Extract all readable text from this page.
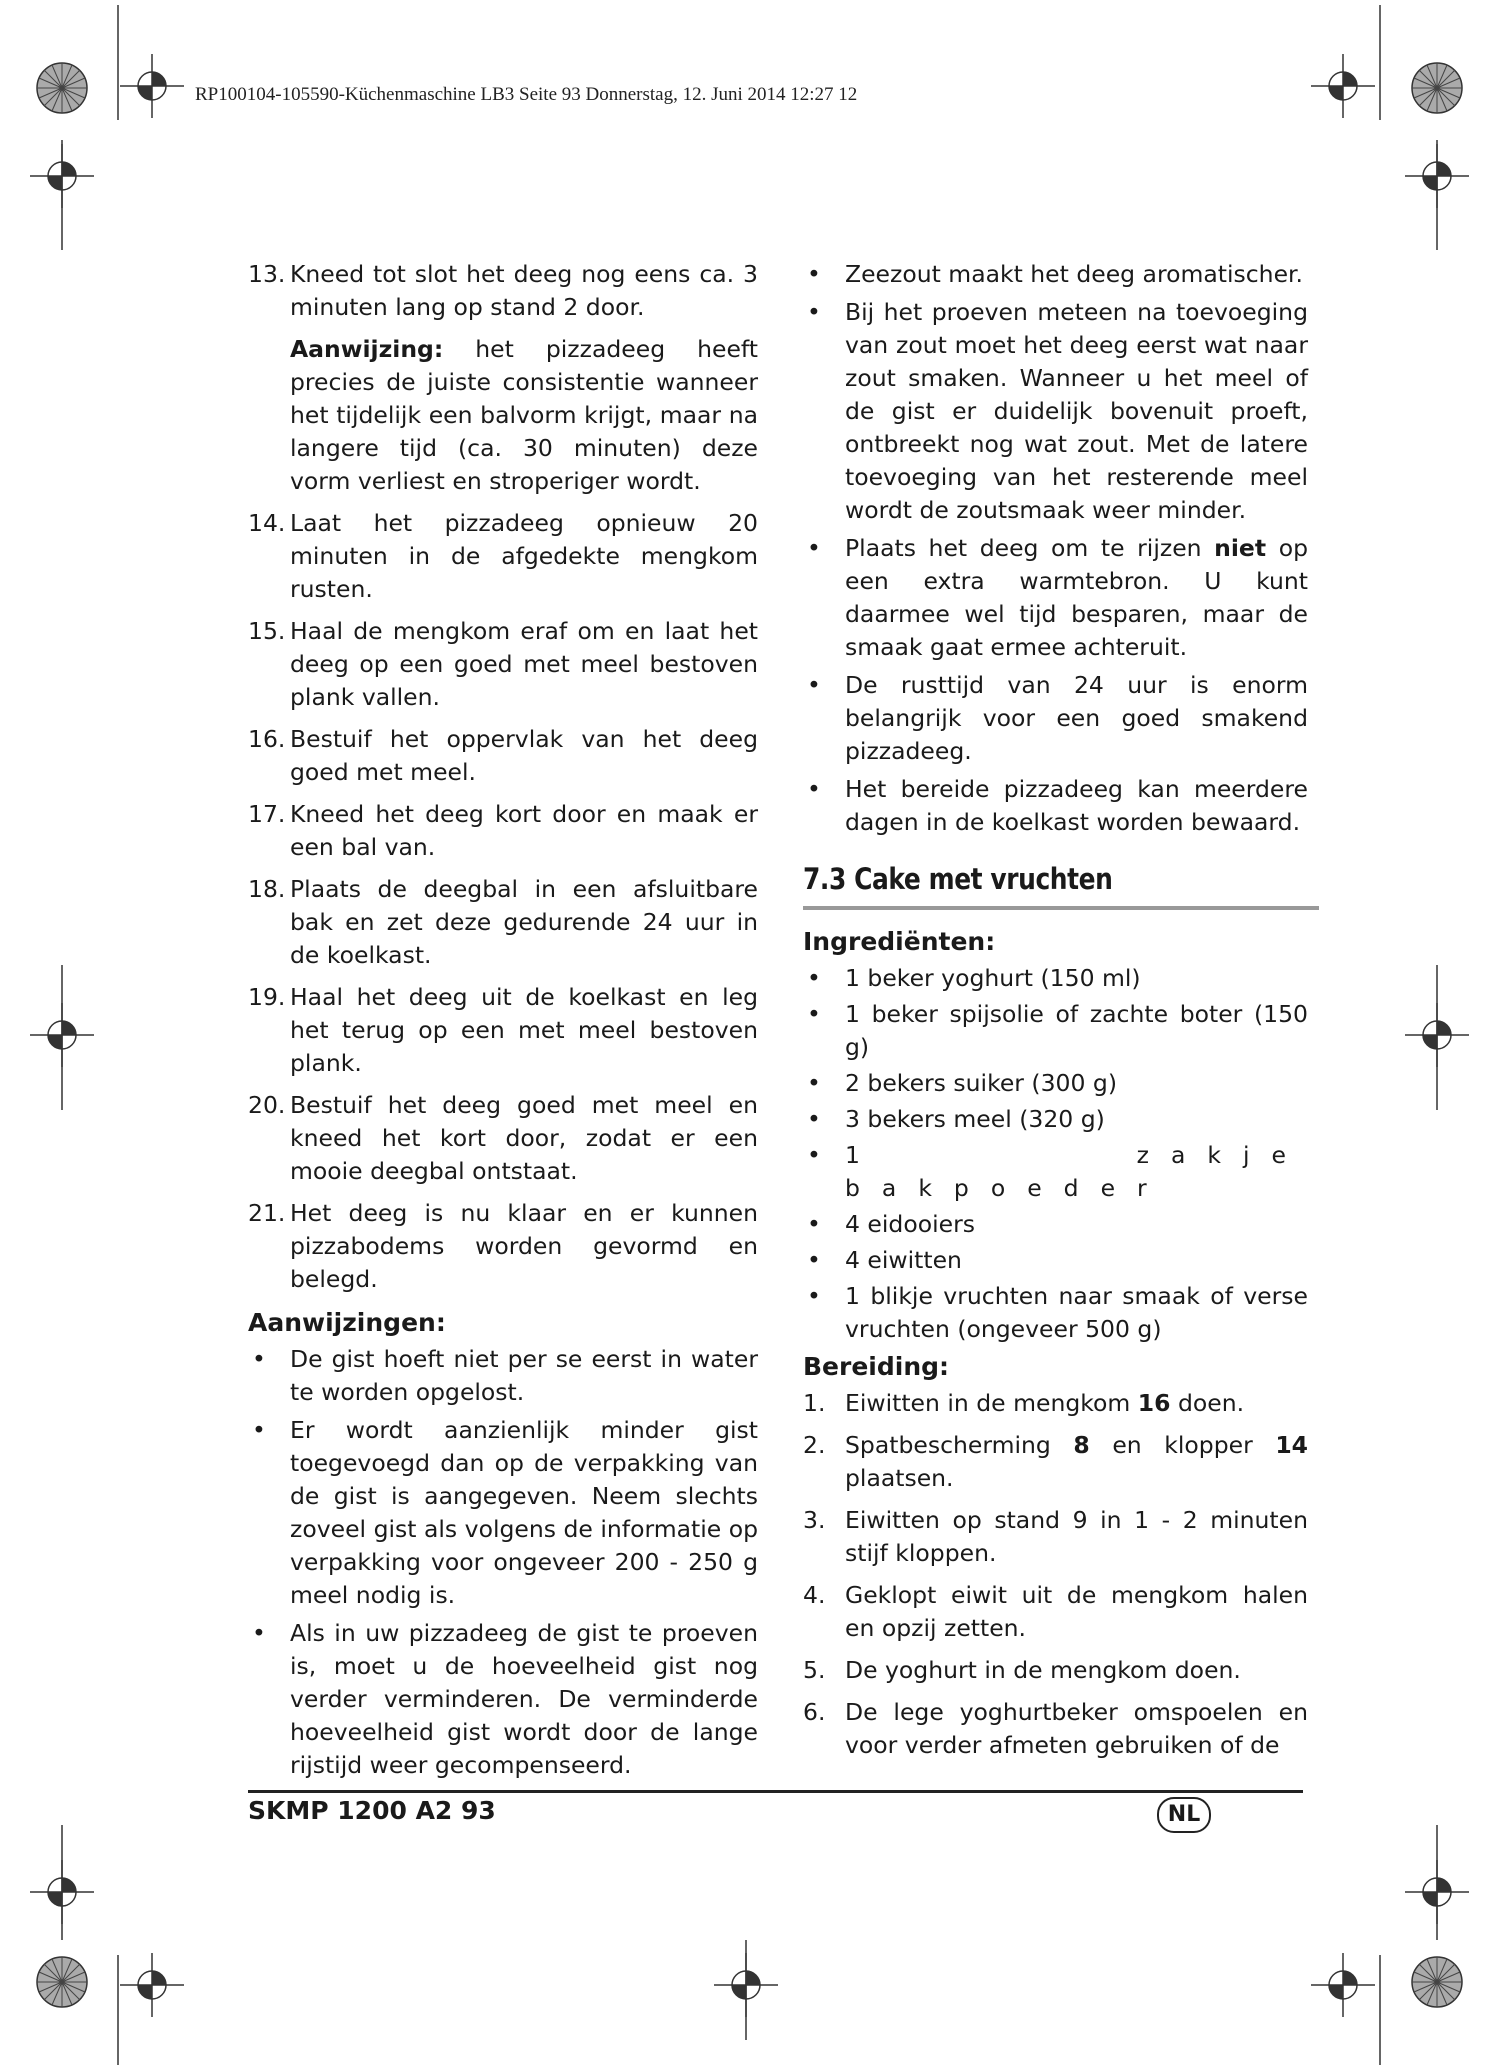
RP100104-105590-Küchenmaschine LB3 Seite 93 Donnerstag, 12. Juni 2014 12:27 12
13. Kneed tot slot het deeg nog eens ca. 3 minuten lang op stand 2 door.
Aanwijzing: het pizzadeeg heeft precies de juiste consistentie wanneer het tijdelijk een balvorm krijgt, maar na langere tijd (ca. 30 minuten) deze vorm verliest en stroperiger wordt.
14. Laat het pizzadeeg opnieuw 20 minuten in de afgedekte mengkom rusten.
15. Haal de mengkom eraf om en laat het deeg op een goed met meel bestoven plank vallen.
16. Bestuif het oppervlak van het deeg goed met meel.
17. Kneed het deeg kort door en maak er een bal van.
18. Plaats de deegbal in een afsluitbare bak en zet deze gedurende 24 uur in de koelkast.
19. Haal het deeg uit de koelkast en leg het terug op een met meel bestoven plank.
20. Bestuif het deeg goed met meel en kneed het kort door, zodat er een mooie deegbal ontstaat.
21. Het deeg is nu klaar en er kunnen pizzabodems worden gevormd en belegd.
Aanwijzingen:
• De gist hoeft niet per se eerst in water te worden opgelost.
• Er wordt aanzienlijk minder gist toegevoegd dan op de verpakking van de gist is aangegeven. Neem slechts zoveel gist als volgens de informatie op verpakking voor ongeveer 200 - 250 g meel nodig is.
• Als in uw pizzadeeg de gist te proeven is, moet u de hoeveelheid gist nog verder verminderen. De verminderde hoeveelheid gist wordt door de lange rijstijd weer gecompenseerd.
• Zeezout maakt het deeg aromatischer.
• Bij het proeven meteen na toevoeging van zout moet het deeg eerst wat naar zout smaken. Wanneer u het meel of de gist er duidelijk bovenuit proeft, ontbreekt nog wat zout. Met de latere toevoeging van het resterende meel wordt de zoutsmaak weer minder.
• Plaats het deeg om te rijzen niet op een extra warmtebron. U kunt daarmee wel tijd besparen, maar de smaak gaat ermee achteruit.
• De rusttijd van 24 uur is enorm belangrijk voor een goed smakend pizzadeeg.
• Het bereide pizzadeeg kan meerdere dagen in de koelkast worden bewaard.
7.3 Cake met vruchten
Ingrediënten:
• 1 beker yoghurt (150 ml)
• 1 beker spijsolie of zachte boter (150 g)
• 2 bekers suiker (300 g)
• 3 bekers meel (320 g)
• 1 zakje bakpoeder
• 4 eidooiers
• 4 eiwitten
• 1 blikje vruchten naar smaak of verse vruchten (ongeveer 500 g)
Bereiding:
1. Eiwitten in de mengkom 16 doen.
2. Spatbescherming 8 en klopper 14 plaatsen.
3. Eiwitten op stand 9 in 1 - 2 minuten stijf kloppen.
4. Geklopt eiwit uit de mengkom halen en opzij zetten.
5. De yoghurt in de mengkom doen.
6. De lege yoghurtbeker omspoelen en voor verder afmeten gebruiken of de
SKMP 1200 A2 93	NL
